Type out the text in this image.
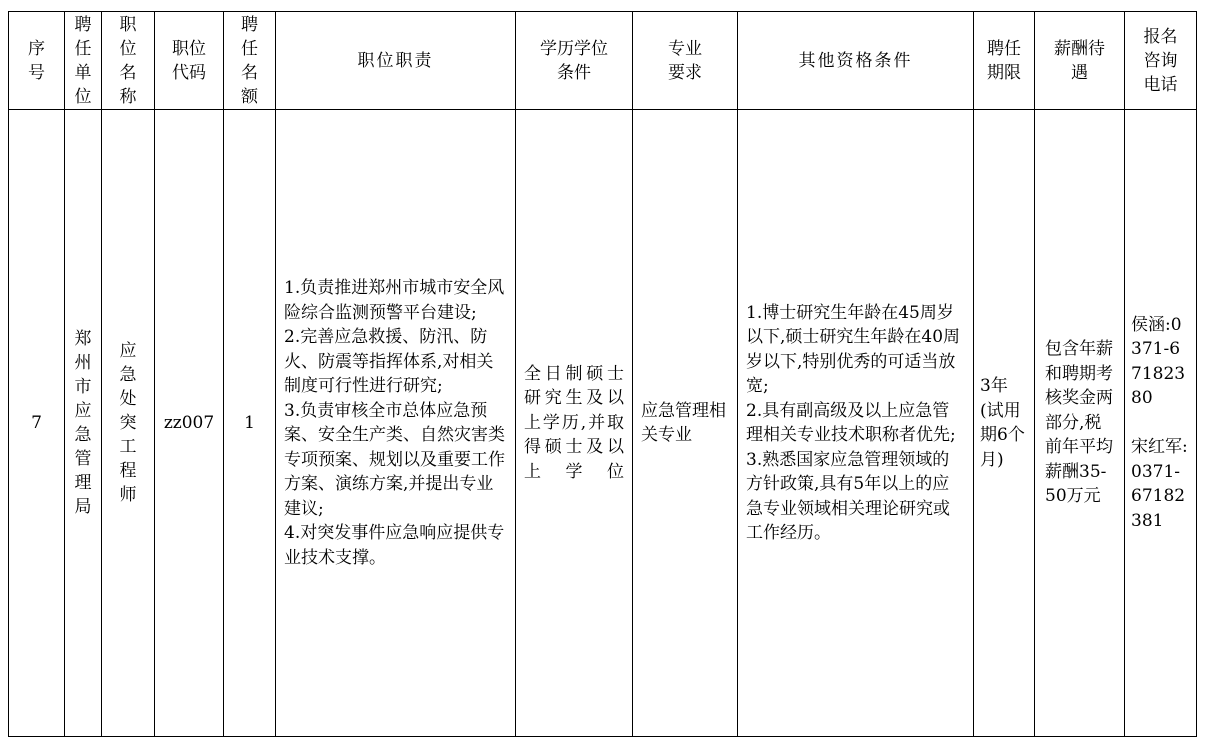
序号	聘任单位	职位名称	职位代码	聘任名额	职位职责	学历学位条件	专业要求	其他资格条件	聘任期限	薪酬待遇	报名咨询电话
7	郑州市应急管理局	应急处突工程师	zz007	1	1.负责推进郑州市城市安全风险综合监测预警平台建设;
2.完善应急救援、防汛、防火、防震等指挥体系,对相关制度可行性进行研究;
3.负责审核全市总体应急预案、安全生产类、自然灾害类专项预案、规划以及重要工作方案、演练方案,并提出专业建议;
4.对突发事件应急响应提供专业技术支撑。	全日制硕士研究生及以上学历,并取得硕士及以上学位	应急管理相关专业	1.博士研究生年龄在45周岁以下,硕士研究生年龄在40周岁以下,特别优秀的可适当放宽;
2.具有副高级及以上应急管理相关专业技术职称者优先;
3.熟悉国家应急管理领域的方针政策,具有5年以上的应急专业领域相关理论研究或工作经历。	3年(试用期6个月)	包含年薪和聘期考核奖金两部分,税前年平均薪酬35-50万元	侯涵:0371-67182380

宋红军:0371-67182381
